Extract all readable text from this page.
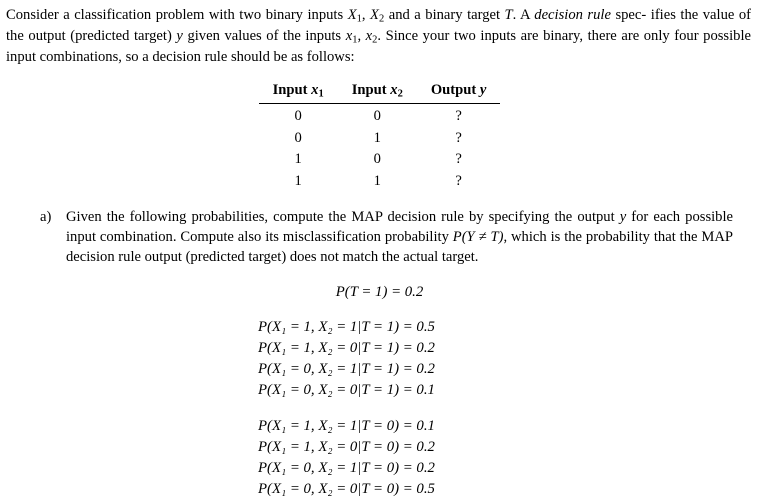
Consider a classification problem with two binary inputs $X_1$, $X_2$ and a binary target T. A decision rule spec- ifies the value of the output (predicted target) y given values of the inputs $x_1$, $x_2$. Since your two inputs are binary, there are only four possible input combinations, so a decision rule should be as follows:

Input $x_1$	Input $x_2$	Output y
0	0	?
0	1	?
1	0	?
1	1	?
a)	Given the following probabilities, compute the MAP decision rule by specifying the output y for each possible input combination. Compute also its misclassification probability P(Y ≠ T), which is the probability that the MAP decision rule output (predicted target) does not match the actual target.

P(T = 1) = 0.2
P(X₁ = 1, X₂ = 1|T = 1) = 0.5
P(X₁ = 1, X₂ = 0|T = 1) = 0.2
P(X₁ = 0, X₂ = 1|T = 1) = 0.2
P(X₁ = 0, X₂ = 0|T = 1) = 0.1
P(X₁ = 1, X₂ = 1|T = 0) = 0.1
P(X₁ = 1, X₂ = 0|T = 0) = 0.2
P(X₁ = 0, X₂ = 1|T = 0) = 0.2
P(X₁ = 0, X₂ = 0|T = 0) = 0.5
